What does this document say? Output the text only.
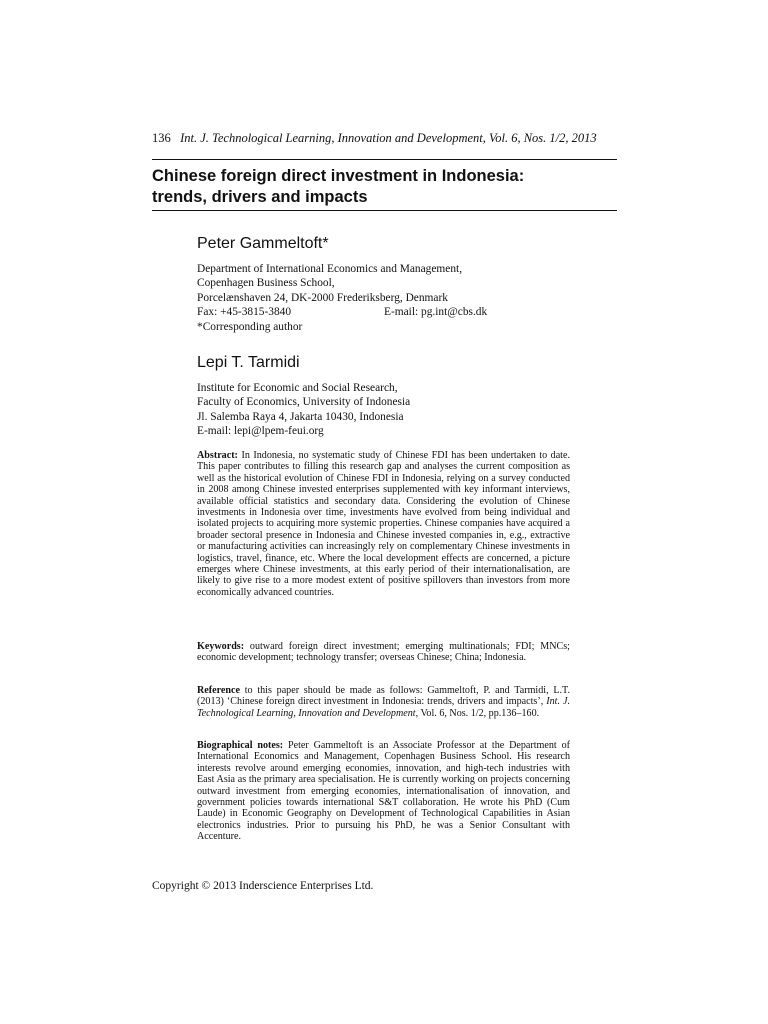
136 Int. J. Technological Learning, Innovation and Development, Vol. 6, Nos. 1/2, 2013
Chinese foreign direct investment in Indonesia:
trends, drivers and impacts
Peter Gammeltoft*
Department of International Economics and Management,
Copenhagen Business School,
Porcelænshaven 24, DK-2000 Frederiksberg, Denmark
Fax: +45-3815-3840	E-mail: pg.int@cbs.dk
*Corresponding author
Lepi T. Tarmidi
Institute for Economic and Social Research,
Faculty of Economics, University of Indonesia
Jl. Salemba Raya 4, Jakarta 10430, Indonesia
E-mail: lepi@lpem-feui.org
Abstract: In Indonesia, no systematic study of Chinese FDI has been undertaken to date. This paper contributes to filling this research gap and analyses the current composition as well as the historical evolution of Chinese FDI in Indonesia, relying on a survey conducted in 2008 among Chinese invested enterprises supplemented with key informant interviews, available official statistics and secondary data. Considering the evolution of Chinese investments in Indonesia over time, investments have evolved from being individual and isolated projects to acquiring more systemic properties. Chinese companies have acquired a broader sectoral presence in Indonesia and Chinese invested companies in, e.g., extractive or manufacturing activities can increasingly rely on complementary Chinese investments in logistics, travel, finance, etc. Where the local development effects are concerned, a picture emerges where Chinese investments, at this early period of their internationalisation, are likely to give rise to a more modest extent of positive spillovers than investors from more economically advanced countries.
Keywords: outward foreign direct investment; emerging multinationals; FDI; MNCs; economic development; technology transfer; overseas Chinese; China; Indonesia.
Reference to this paper should be made as follows: Gammeltoft, P. and Tarmidi, L.T. (2013) ‘Chinese foreign direct investment in Indonesia: trends, drivers and impacts’, Int. J. Technological Learning, Innovation and Development, Vol. 6, Nos. 1/2, pp.136–160.
Biographical notes: Peter Gammeltoft is an Associate Professor at the Department of International Economics and Management, Copenhagen Business School. His research interests revolve around emerging economies, innovation, and high-tech industries with East Asia as the primary area specialisation. He is currently working on projects concerning outward investment from emerging economies, internationalisation of innovation, and government policies towards international S&T collaboration. He wrote his PhD (Cum Laude) in Economic Geography on Development of Technological Capabilities in Asian electronics industries. Prior to pursuing his PhD, he was a Senior Consultant with Accenture.
Copyright © 2013 Inderscience Enterprises Ltd.
